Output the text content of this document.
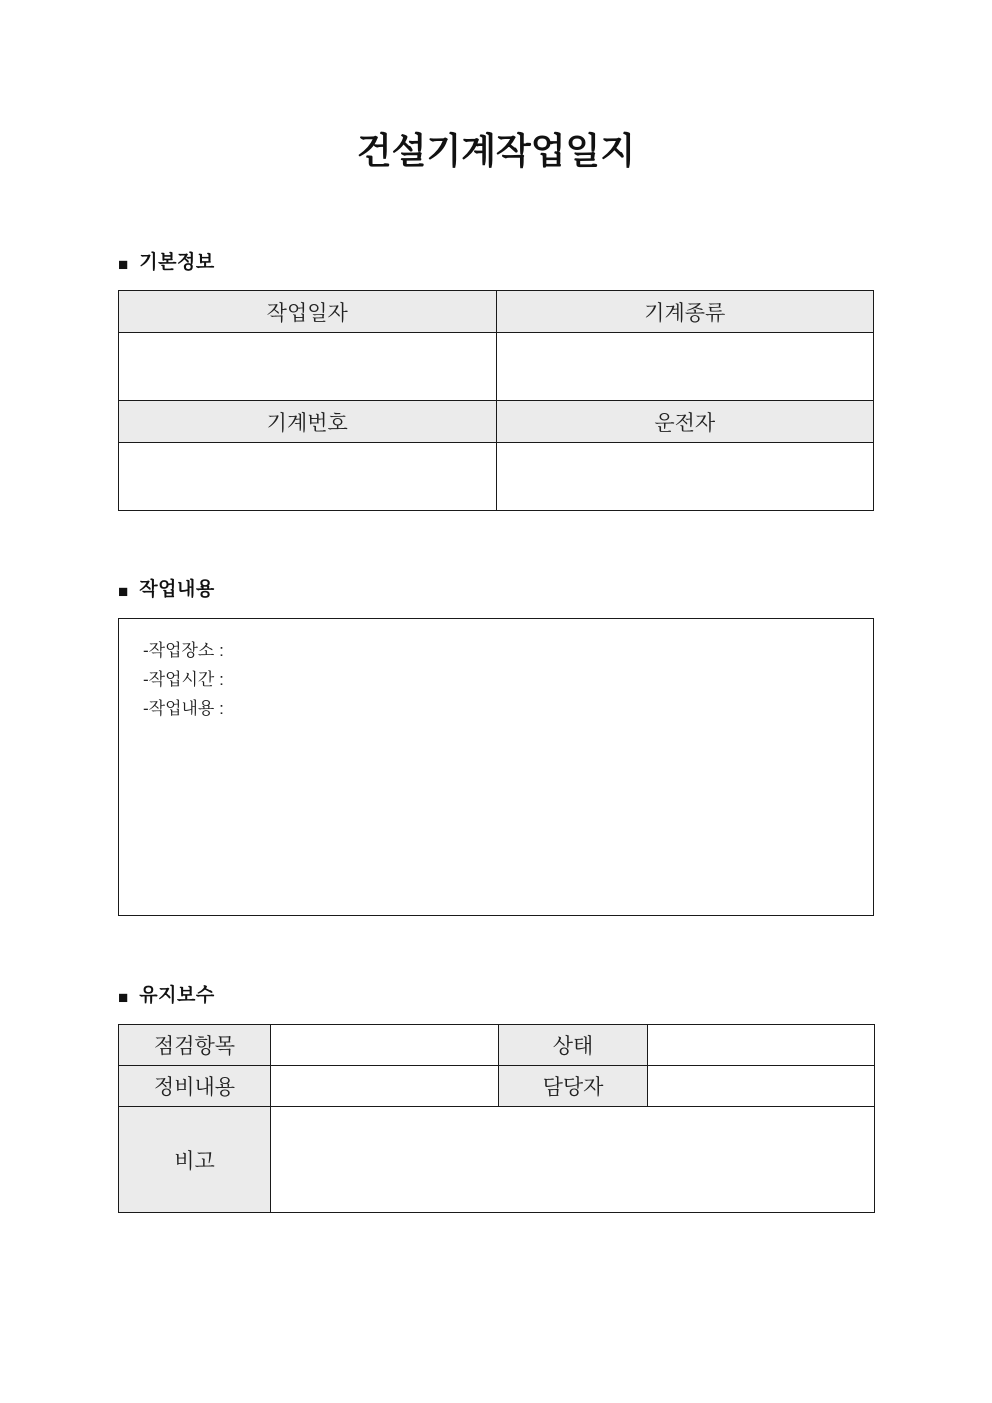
건설기계작업일지
■ 기본정보
작업일자	기계종류

기계번호	운전자

■ 작업내용
-작업장소 :
-작업시간 :
-작업내용 :
■ 유지보수
점검항목		상태	
정비내용		담당자	
비고			
